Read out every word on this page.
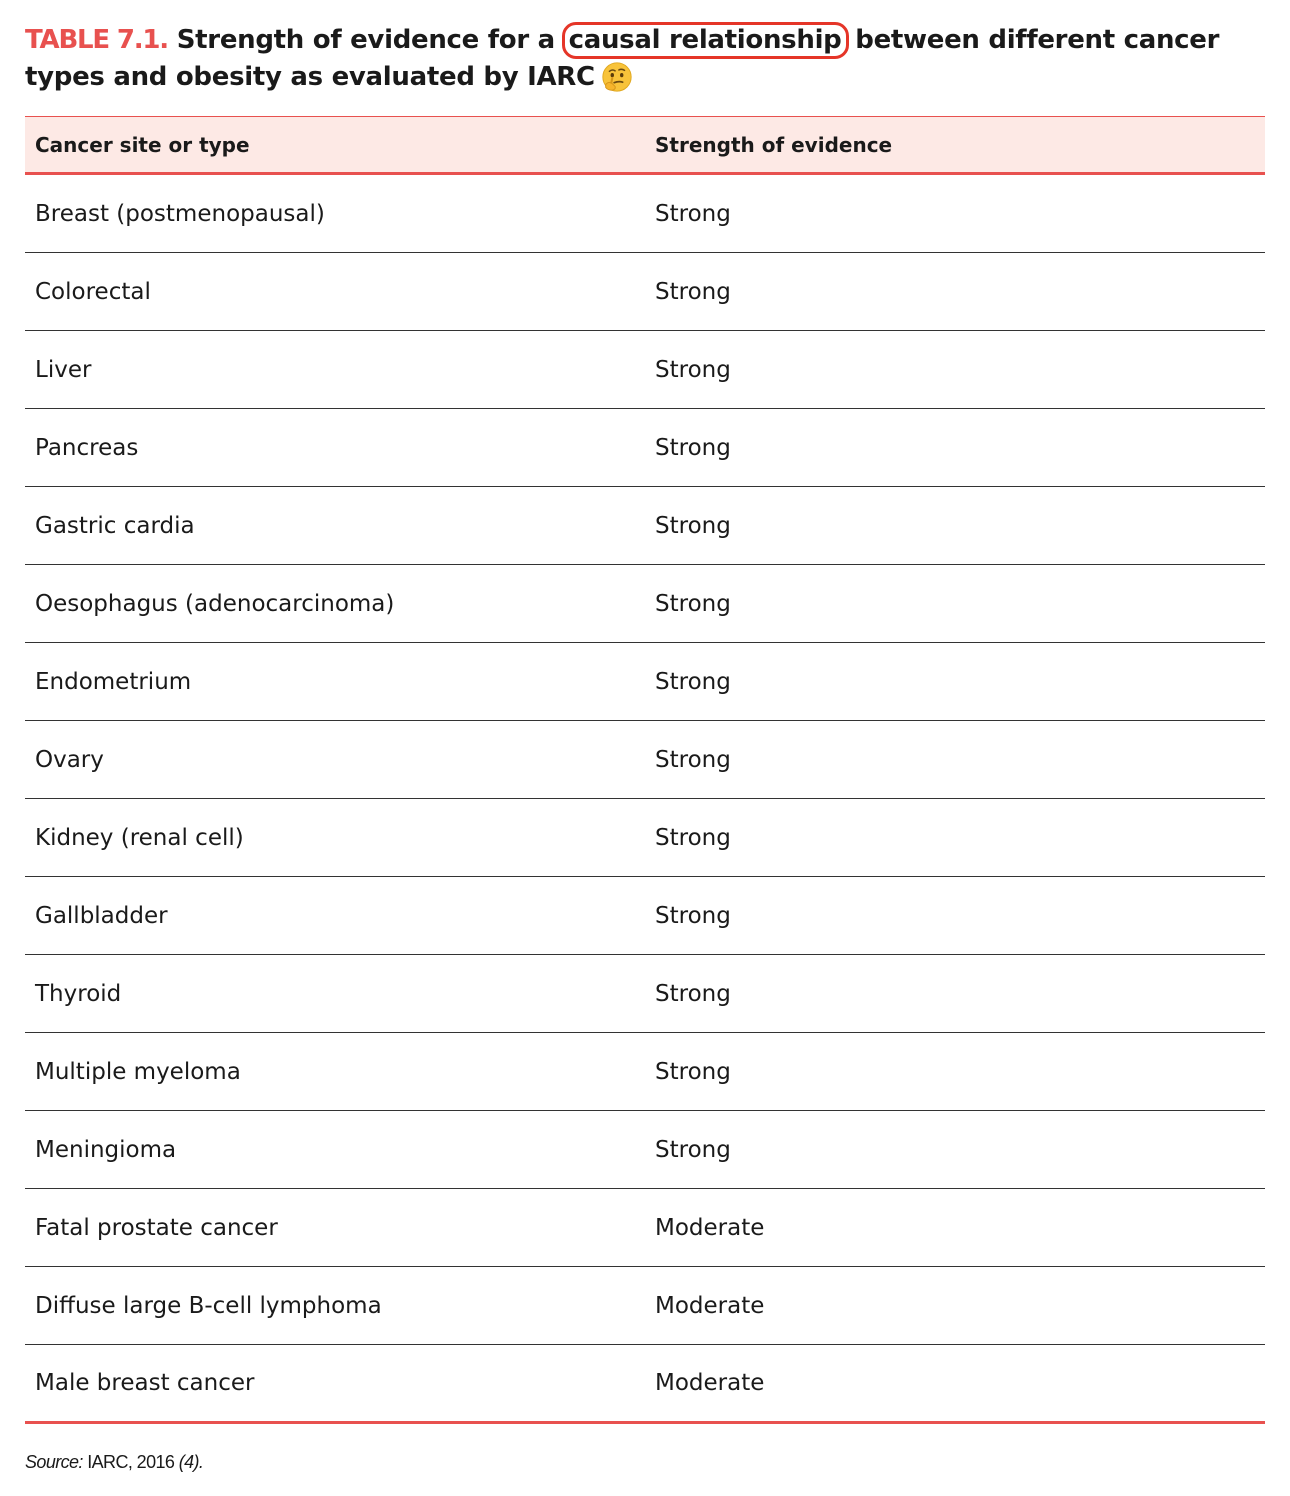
TABLE 7.1. Strength of evidence for a causal relationship between different cancer types and obesity as evaluated by IARC
Cancer site or type	Strength of evidence
Breast (postmenopausal)	Strong
Colorectal	Strong
Liver	Strong
Pancreas	Strong
Gastric cardia	Strong
Oesophagus (adenocarcinoma)	Strong
Endometrium	Strong
Ovary	Strong
Kidney (renal cell)	Strong
Gallbladder	Strong
Thyroid	Strong
Multiple myeloma	Strong
Meningioma	Strong
Fatal prostate cancer	Moderate
Diffuse large B-cell lymphoma	Moderate
Male breast cancer	Moderate
Source: IARC, 2016 (4).
